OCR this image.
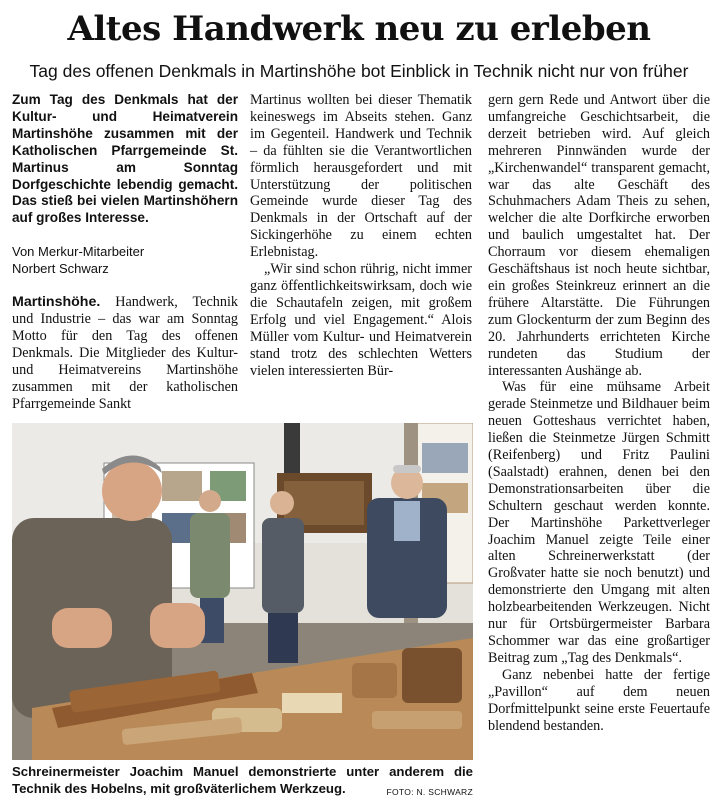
Altes Handwerk neu zu erleben
Tag des offenen Denkmals in Martinshöhe bot Einblick in Technik nicht nur von früher

Zum Tag des Denkmals hat der Kultur- und Heimatverein Martinshöhe zusammen mit der Katholischen Pfarrgemeinde St. Martinus am Sonntag Dorfgeschichte lebendig gemacht. Das stieß bei vielen Martinshöhern auf großes Interesse.

Von Merkur-Mitarbeiter
Norbert Schwarz

Martinshöhe. Handwerk, Technik und Industrie – das war am Sonntag Motto für den Tag des offenen Denkmals. Die Mitglieder des Kultur- und Heimatvereins Martinshöhe zusammen mit der katholischen Pfarrgemeinde Sankt

Martinus wollten bei dieser Thematik keineswegs im Abseits stehen. Ganz im Gegenteil. Handwerk und Technik – da fühlten sie die Verantwortlichen förmlich herausgefordert und mit Unterstützung der politischen Gemeinde wurde dieser Tag des Denkmals in der Ortschaft auf der Sickingerhöhe zu einem echten Erlebnistag.

„Wir sind schon rührig, nicht immer ganz öffentlichkeitswirksam, doch wie die Schautafeln zeigen, mit großem Erfolg und viel Engagement.“ Alois Müller vom Kultur- und Heimatverein stand trotz des schlechten Wetters vielen interessierten Bür-

gern gern Rede und Antwort über die umfangreiche Geschichtsarbeit, die derzeit betrieben wird. Auf gleich mehreren Pinnwänden wurde der „Kirchenwandel“ transparent gemacht, war das alte Geschäft des Schuhmachers Adam Theis zu sehen, welcher die alte Dorfkirche erworben und baulich umgestaltet hat. Der Chorraum vor diesem ehemaligen Geschäftshaus ist noch heute sichtbar, ein großes Steinkreuz erinnert an die frühere Altarstätte. Die Führungen zum Glockenturm der zum Beginn des 20. Jahrhunderts errichteten Kirche rundeten das Studium der interessanten Aushänge ab.

Was für eine mühsame Arbeit gerade Steinmetze und Bildhauer beim neuen Gotteshaus verrichtet haben, ließen die Steinmetze Jürgen Schmitt (Reifenberg) und Fritz Paulini (Saalstadt) erahnen, denen bei den Demonstrationsarbeiten über die Schultern geschaut werden konnte. Der Martinshöhe Parkettverleger Joachim Manuel zeigte Teile einer alten Schreinerwerkstatt (der Großvater hatte sie noch benutzt) und demonstrierte den Umgang mit alten holzbearbeitenden Werkzeugen. Nicht nur für Ortsbürgermeister Barbara Schommer war das eine großartiger Beitrag zum „Tag des Denkmals“.

Ganz nebenbei hatte der fertige „Pavillon“ auf dem neuen Dorfmittelpunkt seine erste Feuertaufe blendend bestanden.

Schreinermeister Joachim Manuel demonstrierte unter anderem die Technik des Hobelns, mit großväterlichem Werkzeug.	FOTO: N. SCHWARZ
